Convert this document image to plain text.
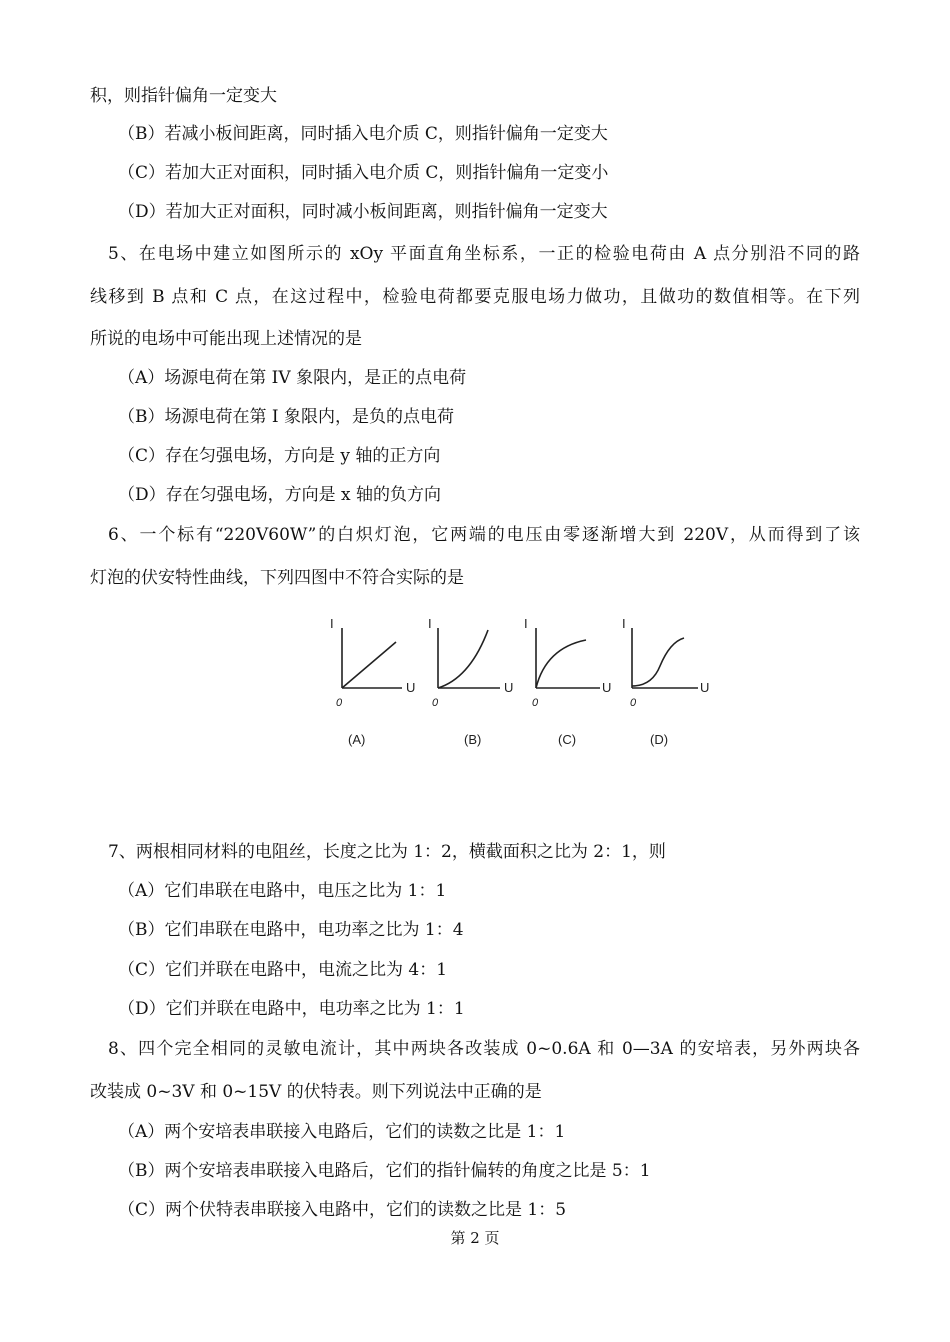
积，则指针偏角一定变大
（B）若减小板间距离，同时插入电介质 C，则指针偏角一定变大
（C）若加大正对面积，同时插入电介质 C，则指针偏角一定变小
（D）若加大正对面积，同时减小板间距离，则指针偏角一定变大
5、在电场中建立如图所示的 xOy 平面直角坐标系，一正的检验电荷由 A 点分别沿不同的路
线移到 B 点和 C 点，在这过程中，检验电荷都要克服电场力做功，且做功的数值相等。在下列
所说的电场中可能出现上述情况的是
（A）场源电荷在第 IV 象限内，是正的点电荷
（B）场源电荷在第 I 象限内，是负的点电荷
（C）存在匀强电场，方向是 y 轴的正方向
（D）存在匀强电场，方向是 x 轴的负方向
6、一个标有“220V60W”的白炽灯泡，它两端的电压由零逐渐增大到 220V，从而得到了该
灯泡的伏安特性曲线，下列四图中不符合实际的是
I
U
0
(A)
I
U
0
(B)
I
U
0
(C)
I
U
0
(D)
7、两根相同材料的电阻丝，长度之比为 1：2，横截面积之比为 2：1，则
（A）它们串联在电路中，电压之比为 1：1
（B）它们串联在电路中，电功率之比为 1：4
（C）它们并联在电路中，电流之比为 4：1
（D）它们并联在电路中，电功率之比为 1：1
8、四个完全相同的灵敏电流计，其中两块各改装成 0~0.6A 和 0—3A 的安培表，另外两块各
改装成 0~3V 和 0~15V 的伏特表。则下列说法中正确的是
（A）两个安培表串联接入电路后，它们的读数之比是 1：1
（B）两个安培表串联接入电路后，它们的指针偏转的角度之比是 5：1
（C）两个伏特表串联接入电路中，它们的读数之比是 1：5
第 2 页
